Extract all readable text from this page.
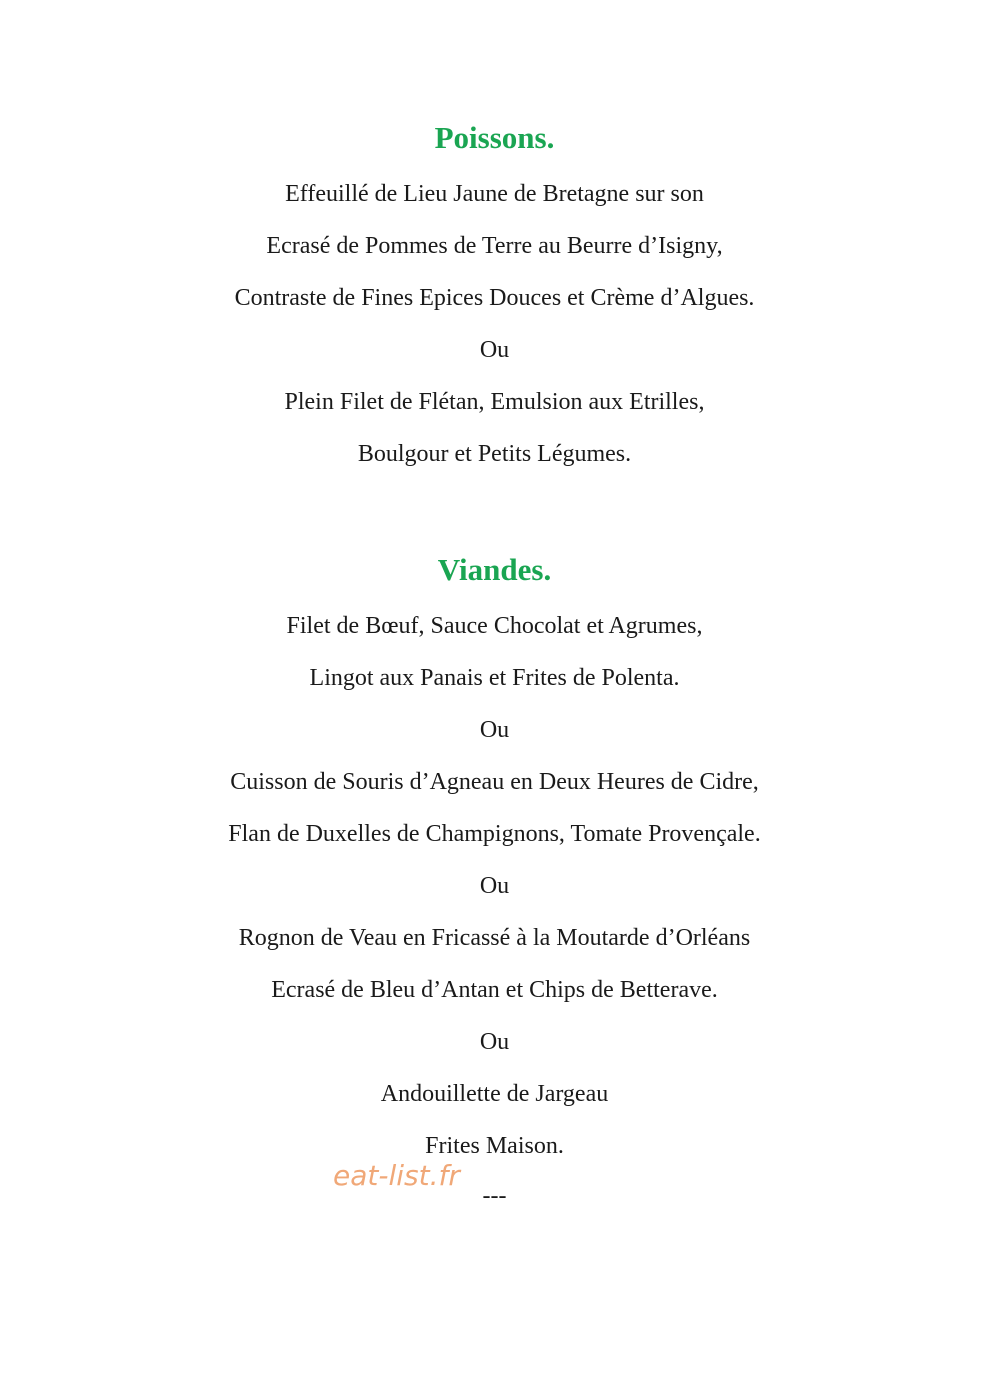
Poissons.

Effeuillé de Lieu Jaune de Bretagne sur son

Ecrasé de Pommes de Terre au Beurre d’Isigny,

Contraste de Fines Epices Douces et Crème d’Algues.

Ou

Plein Filet de Flétan, Emulsion aux Etrilles,

Boulgour et Petits Légumes.

Viandes.

Filet de Bœuf, Sauce Chocolat et Agrumes,

Lingot aux Panais et Frites de Polenta.

Ou

Cuisson de Souris d’Agneau en Deux Heures de Cidre,

Flan de Duxelles de Champignons, Tomate Provençale.

Ou

Rognon de Veau en Fricassé à la Moutarde d’Orléans

Ecrasé de Bleu d’Antan et Chips de Betterave.

Ou

Andouillette de Jargeau

Frites Maison.

eat-list.fr

---
